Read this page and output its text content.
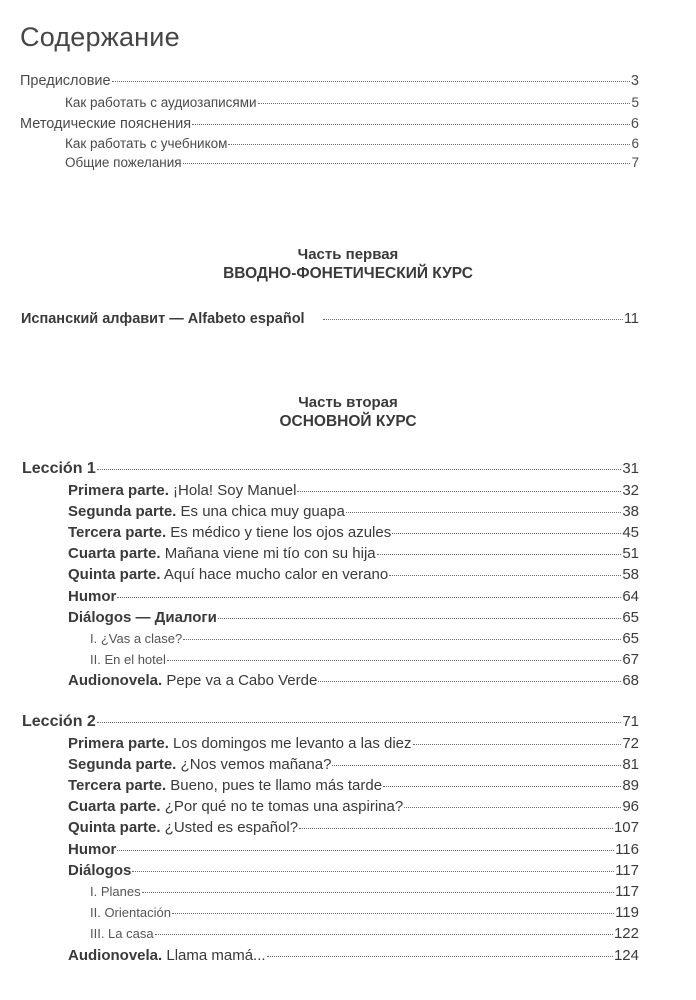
Содержание
Предисловие	3
Как работать с аудиозаписями	5
Методические пояснения	6
Как работать с учебником	6
Общие пожелания	7
Часть первая
ВВОДНО-ФОНЕТИЧЕСКИЙ КУРС
Испанский алфавит — Alfabeto español	11
Часть вторая
ОСНОВНОЙ КУРС
Lección 1	31
Primera parte. ¡Hola! Soy Manuel	32
Segunda parte. Es una chica muy guapa	38
Tercera parte. Es médico y tiene los ojos azules	45
Cuarta parte. Mañana viene mi tío con su hija	51
Quinta parte. Aquí hace mucho calor en verano	58
Humor	64
Diálogos — Диалоги	65
I. ¿Vas a clase?	65
II. En el hotel	67
Audionovela. Pepe va a Cabo Verde	68
Lección 2	71
Primera parte. Los domingos me levanto a las diez	72
Segunda parte. ¿Nos vemos mañana?	81
Tercera parte. Bueno, pues te llamo más tarde	89
Cuarta parte. ¿Por qué no te tomas una aspirina?	96
Quinta parte. ¿Usted es español?	107
Humor	116
Diálogos	117
I. Planes	117
II. Orientación	119
III. La casa	122
Audionovela. Llama mamá...	124
